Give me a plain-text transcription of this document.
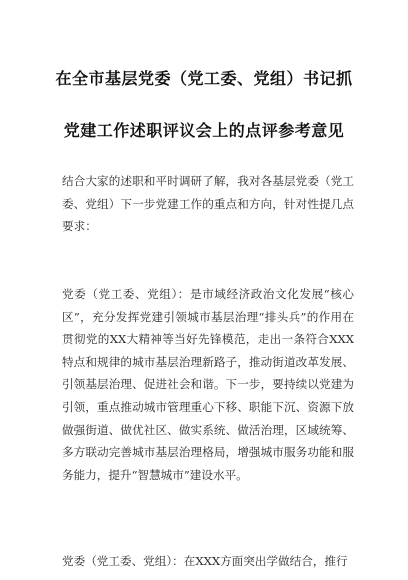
在全市基层党委（党工委、党组）书记抓
党建工作述职评议会上的点评参考意见

结合大家的述职和平时调研了解，我对各基层党委（党工委、党组）下一步党建工作的重点和方向，针对性提几点要求：

党委（党工委、党组）：是市域经济政治文化发展“核心区”，充分发挥党建引领城市基层治理“排头兵”的作用在贯彻党的XX大精神等当好先锋模范，走出一条符合XXX特点和规律的城市基层治理新路子，推动街道改革发展、引领基层治理、促进社会和谐。下一步，要持续以党建为引领，重点推动城市管理重心下移、职能下沉、资源下放做强街道、做优社区、做实系统、做活治理，区域统筹、多方联动完善城市基层治理格局，增强城市服务功能和服务能力，提升“智慧城市”建设水平。

党委（党工委、党组）：在XXX方面突出学做结合，推行
